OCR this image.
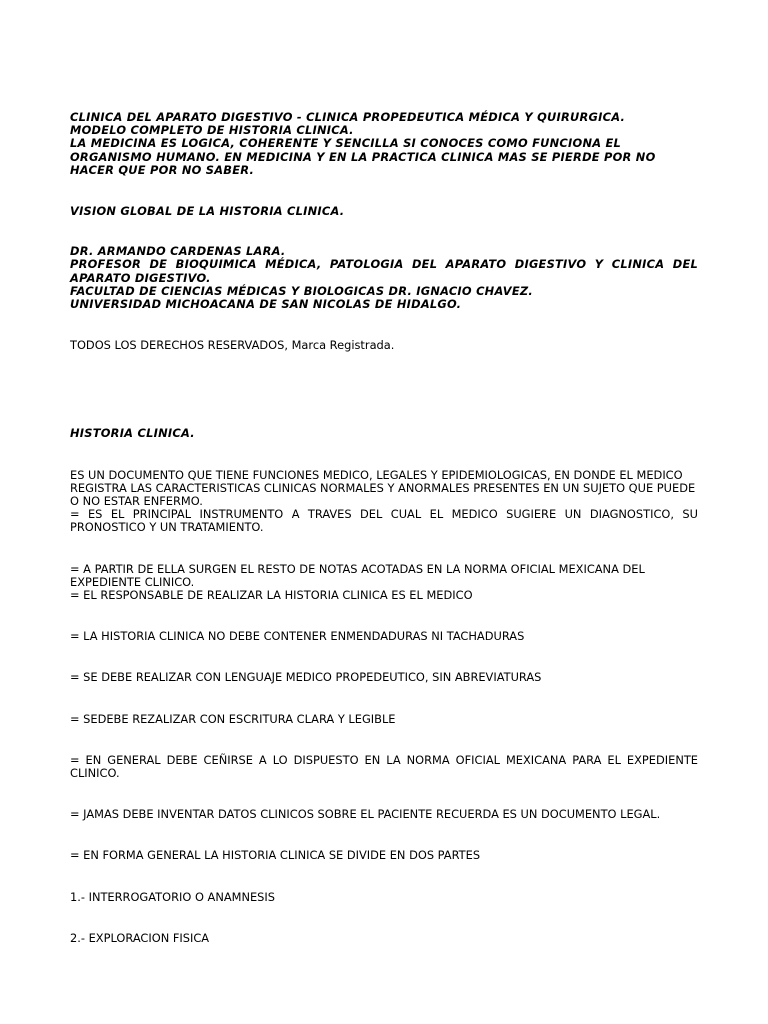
CLINICA DEL APARATO DIGESTIVO - CLINICA PROPEDEUTICA MÉDICA Y QUIRURGICA.
MODELO COMPLETO DE HISTORIA CLINICA.
LA MEDICINA ES LOGICA, COHERENTE Y SENCILLA SI CONOCES COMO FUNCIONA EL ORGANISMO HUMANO. EN MEDICINA Y EN LA PRACTICA CLINICA MAS SE PIERDE POR NO HACER QUE POR NO SABER.

VISION GLOBAL DE LA HISTORIA CLINICA.

DR. ARMANDO CARDENAS LARA.
PROFESOR DE BIOQUIMICA MÉDICA, PATOLOGIA DEL APARATO DIGESTIVO Y CLINICA DEL APARATO DIGESTIVO.
FACULTAD DE CIENCIAS MÉDICAS Y BIOLOGICAS DR. IGNACIO CHAVEZ.
UNIVERSIDAD MICHOACANA DE SAN NICOLAS DE HIDALGO.

TODOS LOS DERECHOS RESERVADOS, Marca Registrada.

HISTORIA CLINICA.

ES UN DOCUMENTO QUE TIENE FUNCIONES MEDICO, LEGALES Y EPIDEMIOLOGICAS, EN DONDE EL MEDICO REGISTRA LAS CARACTERISTICAS CLINICAS NORMALES Y ANORMALES PRESENTES EN UN SUJETO QUE PUEDE O NO ESTAR ENFERMO.
= ES EL PRINCIPAL INSTRUMENTO A TRAVES DEL CUAL EL MEDICO SUGIERE UN DIAGNOSTICO, SU PRONOSTICO Y UN TRATAMIENTO.

= A PARTIR DE ELLA SURGEN EL RESTO DE NOTAS ACOTADAS EN LA NORMA OFICIAL MEXICANA DEL EXPEDIENTE CLINICO.
= EL RESPONSABLE DE REALIZAR LA HISTORIA CLINICA ES EL MEDICO

= LA HISTORIA CLINICA NO DEBE CONTENER ENMENDADURAS NI TACHADURAS

= SE DEBE REALIZAR CON LENGUAJE MEDICO PROPEDEUTICO, SIN ABREVIATURAS

= SEDEBE REZALIZAR CON ESCRITURA CLARA Y LEGIBLE

= EN GENERAL DEBE CEÑIRSE A LO DISPUESTO EN LA NORMA OFICIAL MEXICANA PARA EL EXPEDIENTE CLINICO.

= JAMAS DEBE INVENTAR DATOS CLINICOS SOBRE EL PACIENTE RECUERDA ES UN DOCUMENTO LEGAL.

= EN FORMA GENERAL LA HISTORIA CLINICA SE DIVIDE EN DOS PARTES

1.- INTERROGATORIO O ANAMNESIS

2.- EXPLORACION FISICA
